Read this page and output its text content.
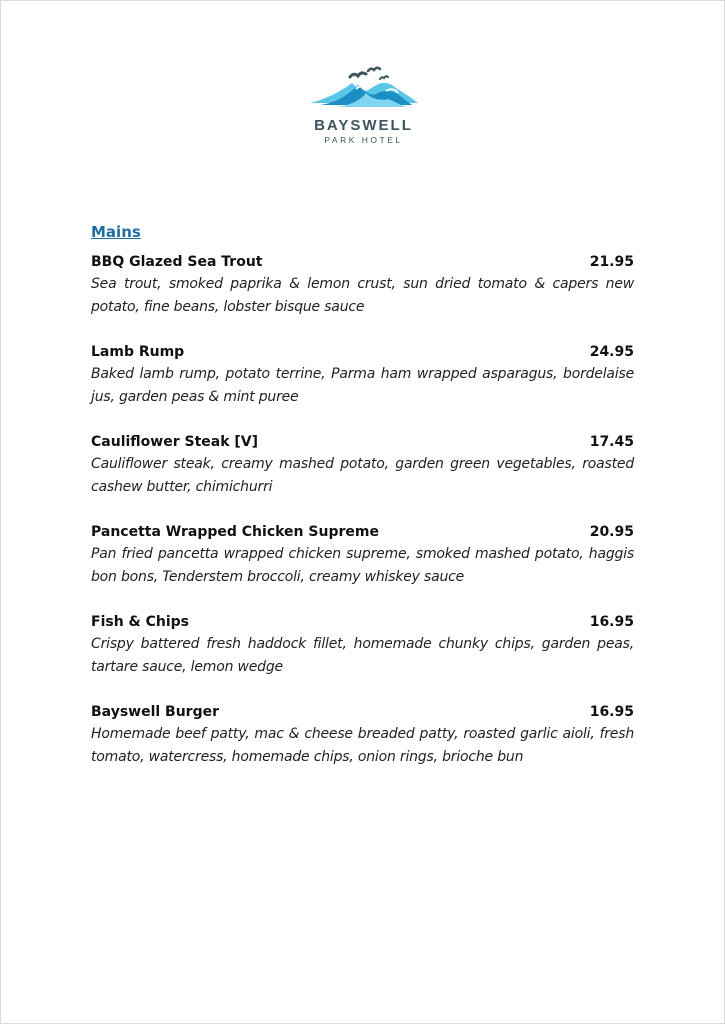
BAYSWELL
PARK HOTEL
Mains
BBQ Glazed Sea Trout	21.95
Sea trout, smoked paprika & lemon crust, sun dried tomato & capers new potato, fine beans, lobster bisque sauce
Lamb Rump	24.95
Baked lamb rump, potato terrine, Parma ham wrapped asparagus, bordelaise jus, garden peas & mint puree
Cauliflower Steak [V]	17.45
Cauliflower steak, creamy mashed potato, garden green vegetables, roasted cashew butter, chimichurri
Pancetta Wrapped Chicken Supreme	20.95
Pan fried pancetta wrapped chicken supreme, smoked mashed potato, haggis bon bons, Tenderstem broccoli, creamy whiskey sauce
Fish & Chips	16.95
Crispy battered fresh haddock fillet, homemade chunky chips, garden peas, tartare sauce, lemon wedge
Bayswell Burger	16.95
Homemade beef patty, mac & cheese breaded patty, roasted garlic aioli, fresh tomato, watercress, homemade chips, onion rings, brioche bun
